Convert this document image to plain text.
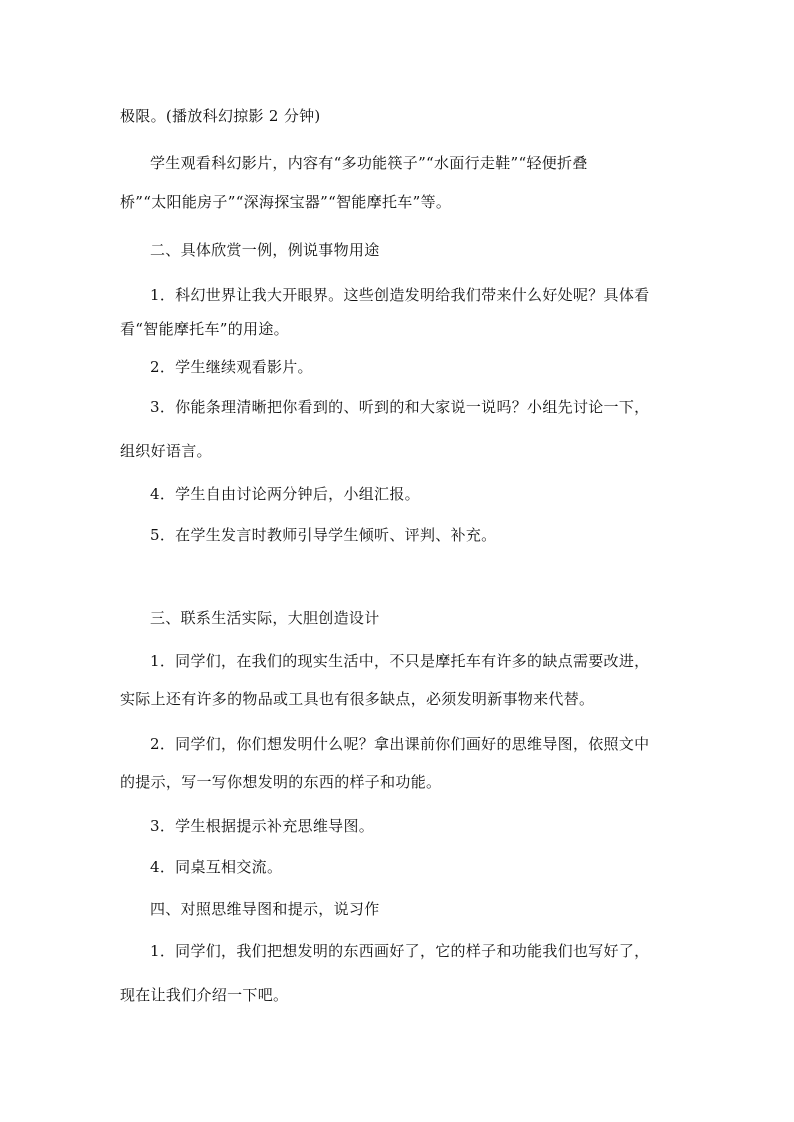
极限。(播放科幻掠影 2 分钟)
学生观看科幻影片，内容有“多功能筷子”“水面行走鞋”“轻便折叠
桥”“太阳能房子”“深海探宝器”“智能摩托车”等。
二、具体欣赏一例，例说事物用途
1．科幻世界让我大开眼界。这些创造发明给我们带来什么好处呢？具体看
看“智能摩托车”的用途。
2．学生继续观看影片。
3．你能条理清晰把你看到的、听到的和大家说一说吗？小组先讨论一下，
组织好语言。
4．学生自由讨论两分钟后，小组汇报。
5．在学生发言时教师引导学生倾听、评判、补充。
三、联系生活实际，大胆创造设计
1．同学们，在我们的现实生活中，不只是摩托车有许多的缺点需要改进，
实际上还有许多的物品或工具也有很多缺点，必须发明新事物来代替。
2．同学们，你们想发明什么呢？拿出课前你们画好的思维导图，依照文中
的提示，写一写你想发明的东西的样子和功能。
3．学生根据提示补充思维导图。
4．同桌互相交流。
四、对照思维导图和提示，说习作
1．同学们，我们把想发明的东西画好了，它的样子和功能我们也写好了，
现在让我们介绍一下吧。
